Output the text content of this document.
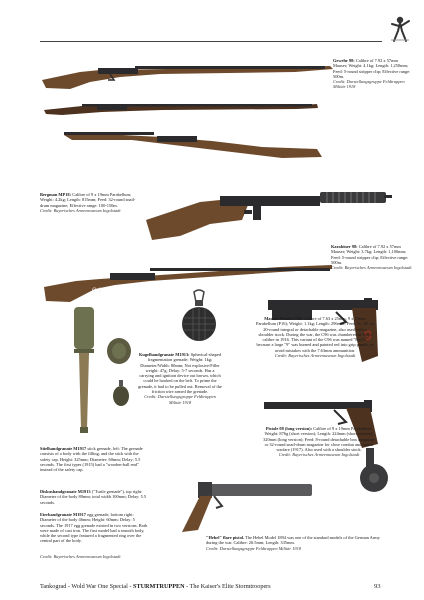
Gewehr 98: Calibre of 7.92 x 57mm Mauser; Weight: 4.1kg; Length: 1,250mm; Feed: 5-round stripper clip; Effective range: 500m.
Credit: Darstellungsgruppe Feldtruppen Militär 1918
Bergman MP18: Calibre of 9 x 19mm Parabellum; Weight: 4.2kg; Length: 815mm; Feed: 32-round snail-drum magazine; Effective range: 100-150m.
Credit: Bayerisches Armeemuseum Ingolstadt
G 1
Karabiner 98: Calibre of 7.92 x 57mm Mauser; Weight: 3.7kg; Length: 1,100mm; Feed: 5-round stripper clip; Effective range: 500m.
Credit: Bayerisches Armeemuseum Ingolstadt
9
Mauser-Pistole C96: Calibre of 7.63 x 25mm, 9 x 19mm Parabellum (P16); Weight: 1.1kg; Length: 296mm; Feed: 6-, 10- or 20-round integral or detachable magazine, also used with a shoulder stock. During the war, the C96 was chambered in 9mm calibre in 1916. This variant of the C96 was named "Red 9" because a large "9" was burned and painted red into grip panels, to avoid mistakes with the 7.63mm ammunition.
Credit: Bayerisches Armeemuseum Ingolstadt
Kugelhandgranate M1913: Spherical-shaped fragmentation grenade; Weight: 1kg; Diameter/Width: 80mm; Not explosive/Filler weight: 47g; Delay: 5-7 seconds. Has a carrying and ignition device out brown, which could be hooked on the belt. To prime the grenade, it had to be pulled out. Removal of the friction wire armed the grenade.
Credit: Darstellungsgruppe Feldtruppen Militär 1918
Stielhandgranate M1917 stick grenade, left: The grenade consists of a body with the filling, and the stick with the safety cap. Height: 325mm; Diameter: 60mm; Delay: 5.5 seconds. The first types (1915) had a "wooden-ball end" instead of the safety cap.
Diskushandgranate M1913 ("Turtle grenade"), top right: Diameter of the body 80mm; total width 100mm; Delay: 5.5 seconds.
Eierhandgranate M1917 egg grenade, bottom right: Diameter of the body 46mm; Height: 60mm; Delay: 5 seconds. The 1917 egg grenade existed in two versions. Both were made of cast iron. The first model had a smooth body, while the second type featured a fragmented ring over the central part of the body.
Credit: Bayerisches Armeemuseum Ingolstadt
Pistole 08 (long version): Calibre of 9 x 19mm Parabellum; Weight: 876g (short version); Length: 224mm (short version), 320mm (long version); Feed: 8-round detachable box magazine or 32-round snail-drum magazine for close combat and trench warfare (1917). Also used with a shoulder stock.
Credit: Bayerisches Armeemuseum Ingolstadt
"Hebel" flare pistol. The Hebel Model 1894 was one of the standard models of the German Army during the war. Calibre: 26.5mm; Length: 335mm.
Credit: Darstellungsgruppe Feldtruppen Militär 1918
Tankograd - Wold War One Special - STURMTRUPPEN - The Kaiser's Elite Stormtroopers	93
